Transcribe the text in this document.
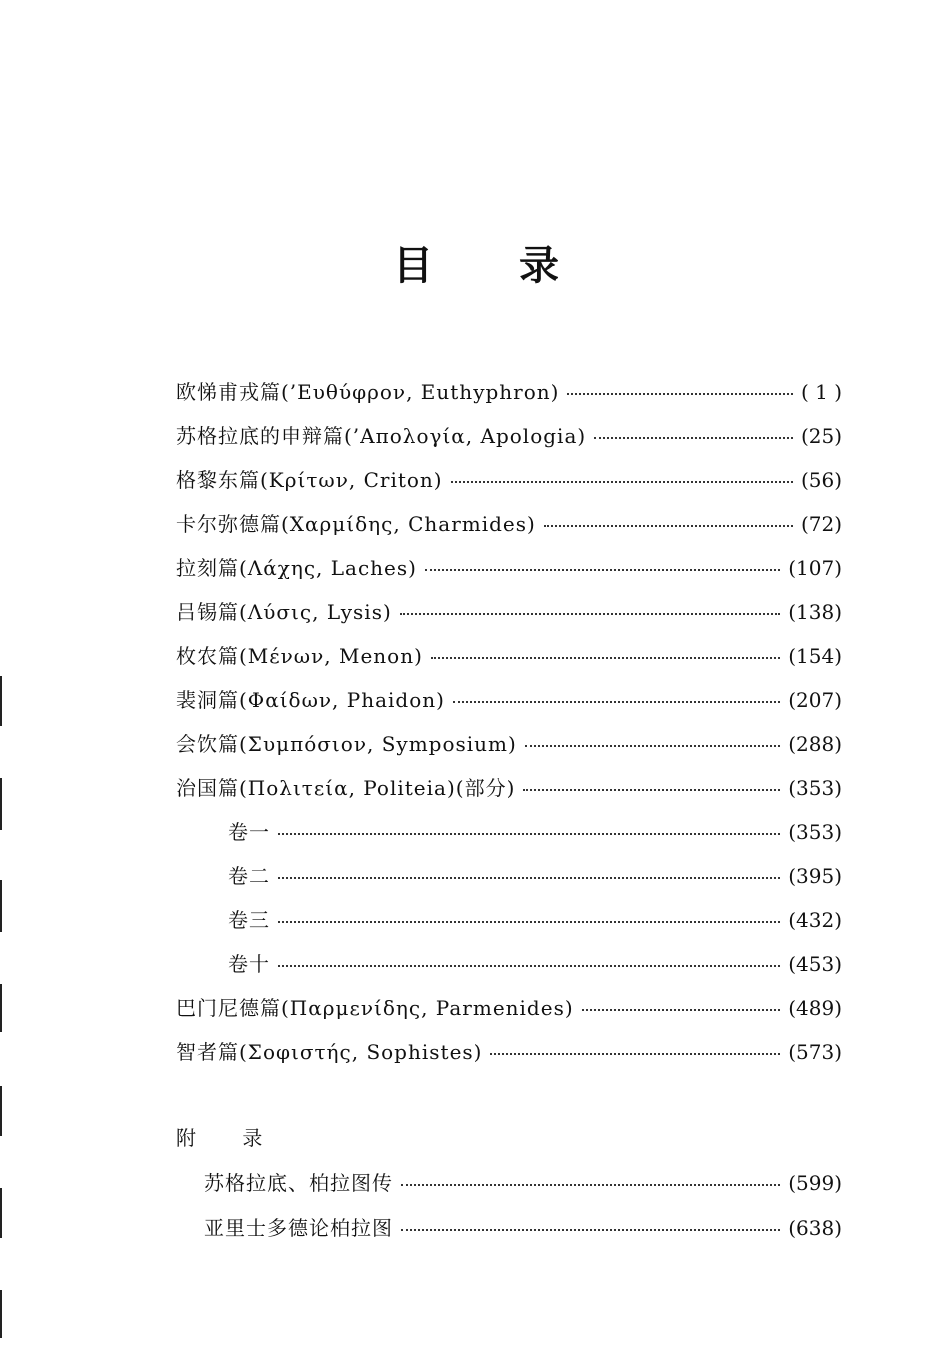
目 录
欧悌甫戎篇(’Ευθύφρον, Euthyphron)	( 1 )
苏格拉底的申辩篇(’Απολογία, Apologia)	(25)
格黎东篇(Κρίτων, Criton)	(56)
卡尔弥德篇(Χαρμίδης, Charmides)	(72)
拉刻篇(Λάχης, Laches)	(107)
吕锡篇(Λύσις, Lysis)	(138)
枚农篇(Μένων, Menon)	(154)
裴洞篇(Φαίδων, Phaidon)	(207)
会饮篇(Συμπόσιον, Symposium)	(288)
治国篇(Πολιτεία, Politeia)(部分)	(353)
卷一	(353)
卷二	(395)
卷三	(432)
卷十	(453)
巴门尼德篇(Παρμενίδης, Parmenides)	(489)
智者篇(Σοφιστής, Sophistes)	(573)
附 录
苏格拉底、柏拉图传	(599)
亚里士多德论柏拉图	(638)
